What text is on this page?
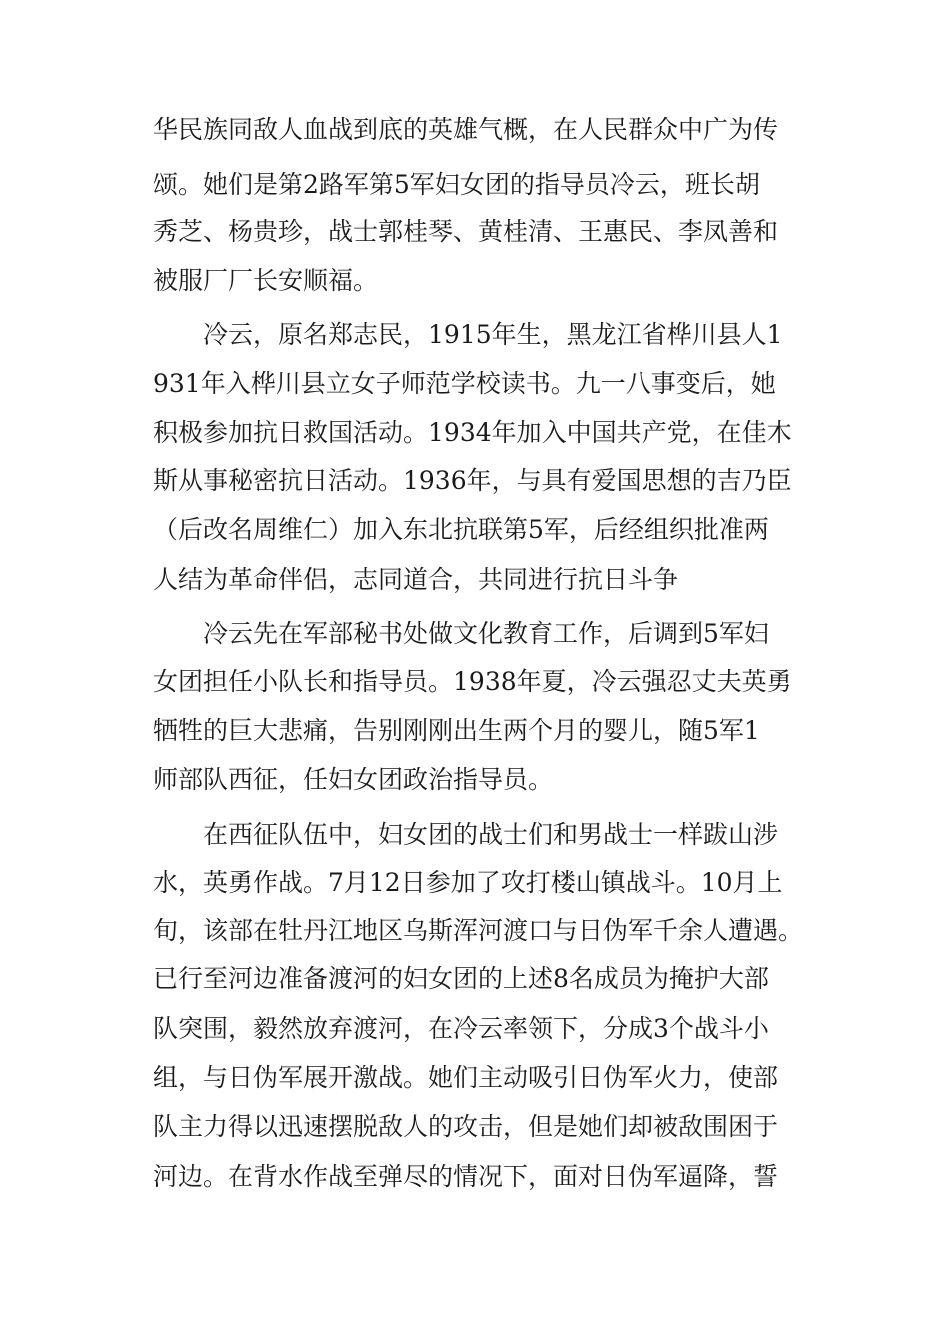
华民族同敌人血战到底的英雄气概，在人民群众中广为传
颂。她们是第2路军第5军妇女团的指导员冷云，班长胡
秀芝、杨贵珍，战士郭桂琴、黄桂清、王惠民、李凤善和
被服厂厂长安顺福。
冷云，原名郑志民，1915年生，黑龙江省桦川县人1
931年入桦川县立女子师范学校读书。九一八事变后，她
积极参加抗日救国活动。1934年加入中国共产党，在佳木
斯从事秘密抗日活动。1936年，与具有爱国思想的吉乃臣
（后改名周维仁）加入东北抗联第5军，后经组织批准两
人结为革命伴侣，志同道合，共同进行抗日斗争
冷云先在军部秘书处做文化教育工作，后调到5军妇
女团担任小队长和指导员。1938年夏，冷云强忍丈夫英勇
牺牲的巨大悲痛，告别刚刚出生两个月的婴儿，随5军1
师部队西征，任妇女团政治指导员。
在西征队伍中，妇女团的战士们和男战士一样跋山涉
水，英勇作战。7月12日参加了攻打楼山镇战斗。10月上
旬，该部在牡丹江地区乌斯浑河渡口与日伪军千余人遭遇。
已行至河边准备渡河的妇女团的上述8名成员为掩护大部
队突围，毅然放弃渡河，在冷云率领下，分成3个战斗小
组，与日伪军展开激战。她们主动吸引日伪军火力，使部
队主力得以迅速摆脱敌人的攻击，但是她们却被敌围困于
河边。在背水作战至弹尽的情况下，面对日伪军逼降，誓
